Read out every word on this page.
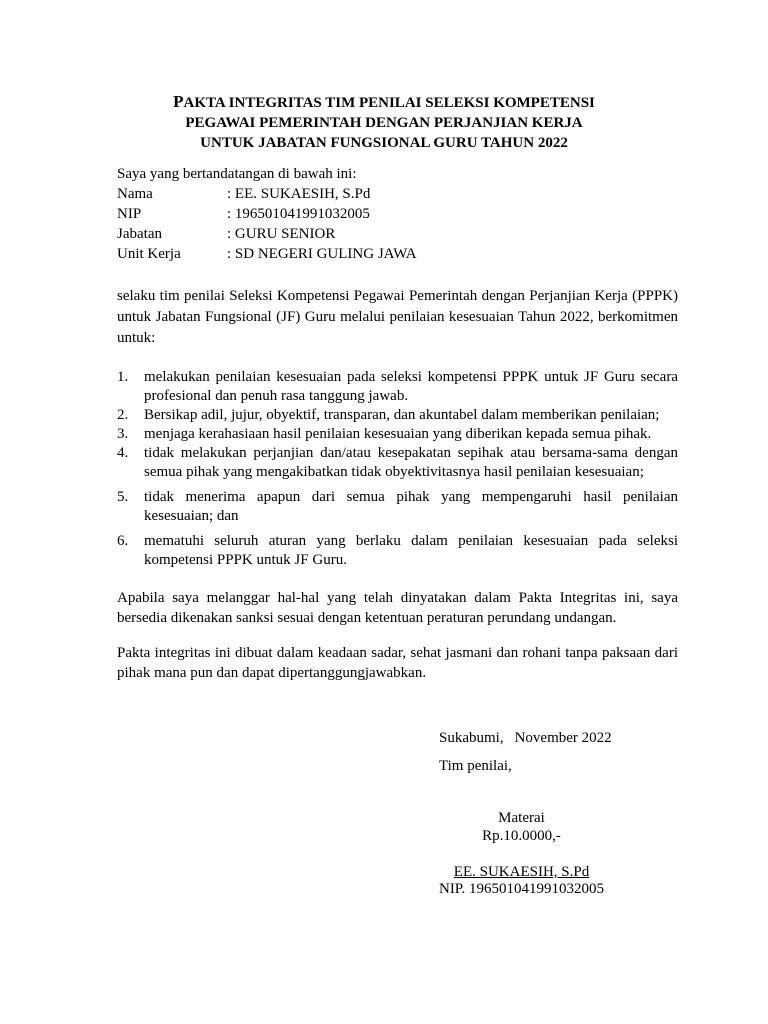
PAKTA INTEGRITAS TIM PENILAI SELEKSI KOMPETENSI
PEGAWAI PEMERINTAH DENGAN PERJANJIAN KERJA
UNTUK JABATAN FUNGSIONAL GURU TAHUN 2022
Saya yang bertandatangan di bawah ini:
Nama	: EE. SUKAESIH, S.Pd
NIP	: 196501041991032005
Jabatan	: GURU SENIOR
Unit Kerja	: SD NEGERI GULING JAWA
selaku tim penilai Seleksi Kompetensi Pegawai Pemerintah dengan Perjanjian Kerja (PPPK) untuk Jabatan Fungsional (JF) Guru melalui penilaian kesesuaian Tahun 2022, berkomitmen untuk:
1.	melakukan penilaian kesesuaian pada seleksi kompetensi PPPK untuk JF Guru secara profesional dan penuh rasa tanggung jawab.
2.	Bersikap adil, jujur, obyektif, transparan, dan akuntabel dalam memberikan penilaian;
3.	menjaga kerahasiaan hasil penilaian kesesuaian yang diberikan kepada semua pihak.
4.	tidak melakukan perjanjian dan/atau kesepakatan sepihak atau bersama-sama dengan semua pihak yang mengakibatkan tidak obyektivitasnya hasil penilaian kesesuaian;
5.	tidak menerima apapun dari semua pihak yang mempengaruhi hasil penilaian kesesuaian; dan
6.	mematuhi seluruh aturan yang berlaku dalam penilaian kesesuaian pada seleksi kompetensi PPPK untuk JF Guru.
Apabila saya melanggar hal-hal yang telah dinyatakan dalam Pakta Integritas ini, saya bersedia dikenakan sanksi sesuai dengan ketentuan peraturan perundang undangan.
Pakta integritas ini dibuat dalam keadaan sadar, sehat jasmani dan rohani tanpa paksaan dari pihak mana pun dan dapat dipertanggungjawabkan.
Sukabumi, November 2022
Tim penilai,
Materai
Rp.10.0000,-
EE. SUKAESIH, S.Pd
NIP. 196501041991032005
